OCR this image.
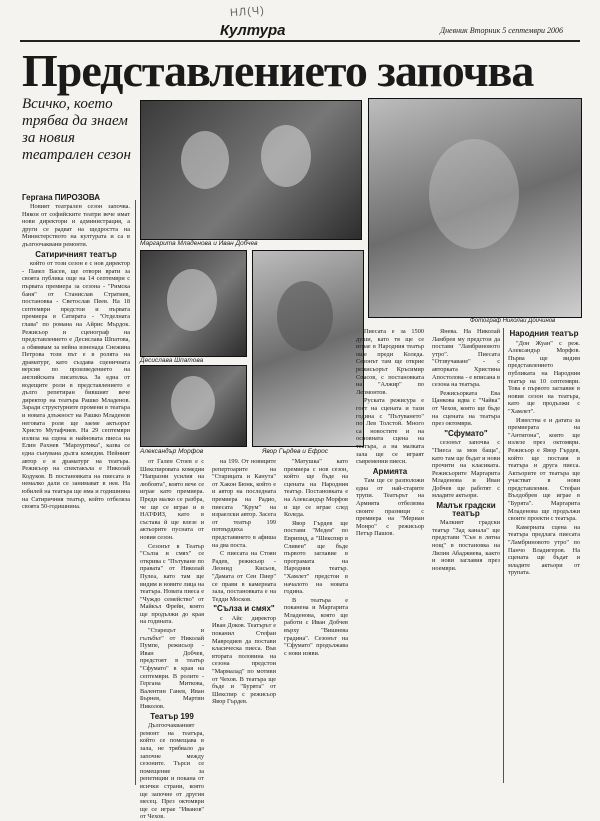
НЛ(Ч)
Култура	Дневник Вторник 5 септември 2006
Представлението започва
Всичко, което трябва да знаем за новия театрален сезон
Гергана ПИРОЗОВА
Маргарита Младенова и Иван Добчев
Десислава Шпатова
Александър Морфов	Явор Гърдев и Ефрос
Фотограф Николай Дойчинов
Новият театрален сезон започва. Някои от софийските театри вече имат нови директори и администрация, а други се радват на щедростта на Министерството на културата и са в дългоочаквани ремонти.
Сатиричният театър
който от този сезон е с нов директор - Павел Васев, ще отвори врати за своята публика още на 14 септември с първата премиера за сезона - "Римска баня" от Станислав Стратиев, постановка - Светослав Пеев. На 18 септември предстои и първата премиера в Сатирата - "Отделната глава" по романа на Айрис Мърдок. Режисьор и сценограф на представлението е Десислава Шпатова, а обявявам за нейна изненада Снежина Петрова този път е в ролята на драматург, като създава сценичната версия по произведението на английската писателка. За една от водещите роли в представлението е дълго репетиран бившият вече директор на театъра Рашко Младенов. Заради структурните промени в театъра и новата длъжност на Рашко Младенов неговата роля ще заеме актьорът Христо Мутафчиев. На 29 септември излиза на сцена и найновата пиеса на Елин Рахнев "Марлуртика", казва се една сънувана дълга комедия. Нейният автор е и драматург на театъра. Режисьор на спектакъла е Николай Кодуков. В постановката на пиесата и немалко дали се занимават в нея. На юбилей на театъра ще има и годишнина на Сатиричния театър, който отбеляза своята 50-годишнина.
от Гален Стоев е с Шекспировата комедия "Напразни усилия на любовта", която вече се играе като премиера. Преди малко се разбра, че ще се играе и в НАТФИЗ, като в състава й ще влезе и актьорите пусната от новия сезон.
Сезонът в Театър "Сълза и смях" се открива с "Пътуване по правата" от Николай Пулеа, като там ще видим и новите лица на театъра. Новата пиеса е "Чуждо семейство" от Майкъл Фрейн, която ще продължи до края на годината.
"Старецът и гълъбът" от Николай Пумпе, режисьор - Иван Добчев, предстоят в театър "Сфумато" в края на септември. В ролите - Гергана Миткова, Валентин Ганев, Иван Бърнев, Мартин Николов.
Театър 199
Дългоочакваният ремонт на театъра, който се помещава в зала, не трябвало да започне между сезоните. Търси се помещение за репетиции и покана от всички страни, която ще започне от другия месец. През октомври ще се играе "Иванов" от Чехов.
на 199. От новиците репертоарите на "Старицата и Канута" от Хакон Бюнк, който е и автор на последната премиера на Радио, пиесата "Крум" на израелски автор. Засега от театър 199 потвърдиха представянето в афиша на два поста.
С пиесата на Стоян Радев, режисьор - Леонид Кисьов, "Дамата от Сен Пиер" се прави в камерната зала, постановката е на Тедди Москов.
"Сълза и смях"
с Айс директор Иван Доков. Театърът е поканил Стефан Мавродиев да постави класическа пиеса. Във втората половина на сезона предстои "Мармалад" по мотиви от Чехов. В театъра ще бъде и "Бурята" от Шекспир с режисьор Явор Гърдев.
"Матушка" като премиера с нов сезон, който ще бъде на сцената на Народния театър. Постановката е на Александър Морфов и ще се играе след Коледа.
Явор Гърдев ще постави "Медея" по Еврипид, а "Шекспир в Сливен" ще бъде първото заглавие в програмата на Народния театър. "Хамлет" предстои в началото на новата година.
В театъра е поканена и Маргарита Младенова, която ще работи с Иван Добчев върху "Вишнева градина". Сезонът на "Сфумато" продължава с нови изяви.
Пиесата е за 1500 души, като тя ще се играе в Народния театър още преди Коледа. Сезонът там ще открие режисьорът Кръсимир Спасов, с постановката на "Алжир" по Лермонтов.
Руската режисура е гост на сцената и тази година с "Пътуването" по Лев Толстой. Много са новостите и на основната сцена на театъра, а на малката зала ще се играят съвременни пиеси.
Армията
Там ще се разположи една от най-старите трупи. Театърът на Армията отбелязва своите празници с премиера на "Мериан Монро" с режисьор Петър Пашов.
Янева. На Николай Ламбрев му предстои да постави "Ламбриновото утро". Пиесата "Отзвучаване" - с авторката Христина Апостолова - е вписана в сезона на театъра.
Режисьорката Ева Цанкова идва с "Чайка" от Чехов, която ще бъде на сцената на театъра през октомври.
"Сфумато"
сезонът започва с "Пиеса за моя баща", като там ще бъдат и нови прочити на класиката. Режисьорите Маргарита Младенова и Иван Добчев ще работят с младите актьори.
Малък градски театър
Малкият градски театър "Зад канала" ще представи "Сън в лятна нощ" в постановка на Лилия Абаджиева, както и нови заглавия през ноември.
Народния театър
"Дон Жуан" с реж. Александър Морфов. Първа ще видим представлението публиката на Народния театър на 10 септември. Това е първото заглавие в новия сезон на театъра, като ще продължи с "Хамлет".
Известна е и датата за премиерата на "Антигона", която ще излезе през октомври. Режисьор е Явор Гърдев, който ще поставя в театъра и друга пиеса. Актьорите от театъра ще участват в нови представления. Стефан Вълдобрев ще играе в "Бурята". Маргарита Младенова ще продължи своите проекти с театъра.
Камерната сцена на театъра предлага пиесата "Ламбриновото утро" по Панчо Владигеров. На сцената ще бъдат и младите актьори от трупата.
